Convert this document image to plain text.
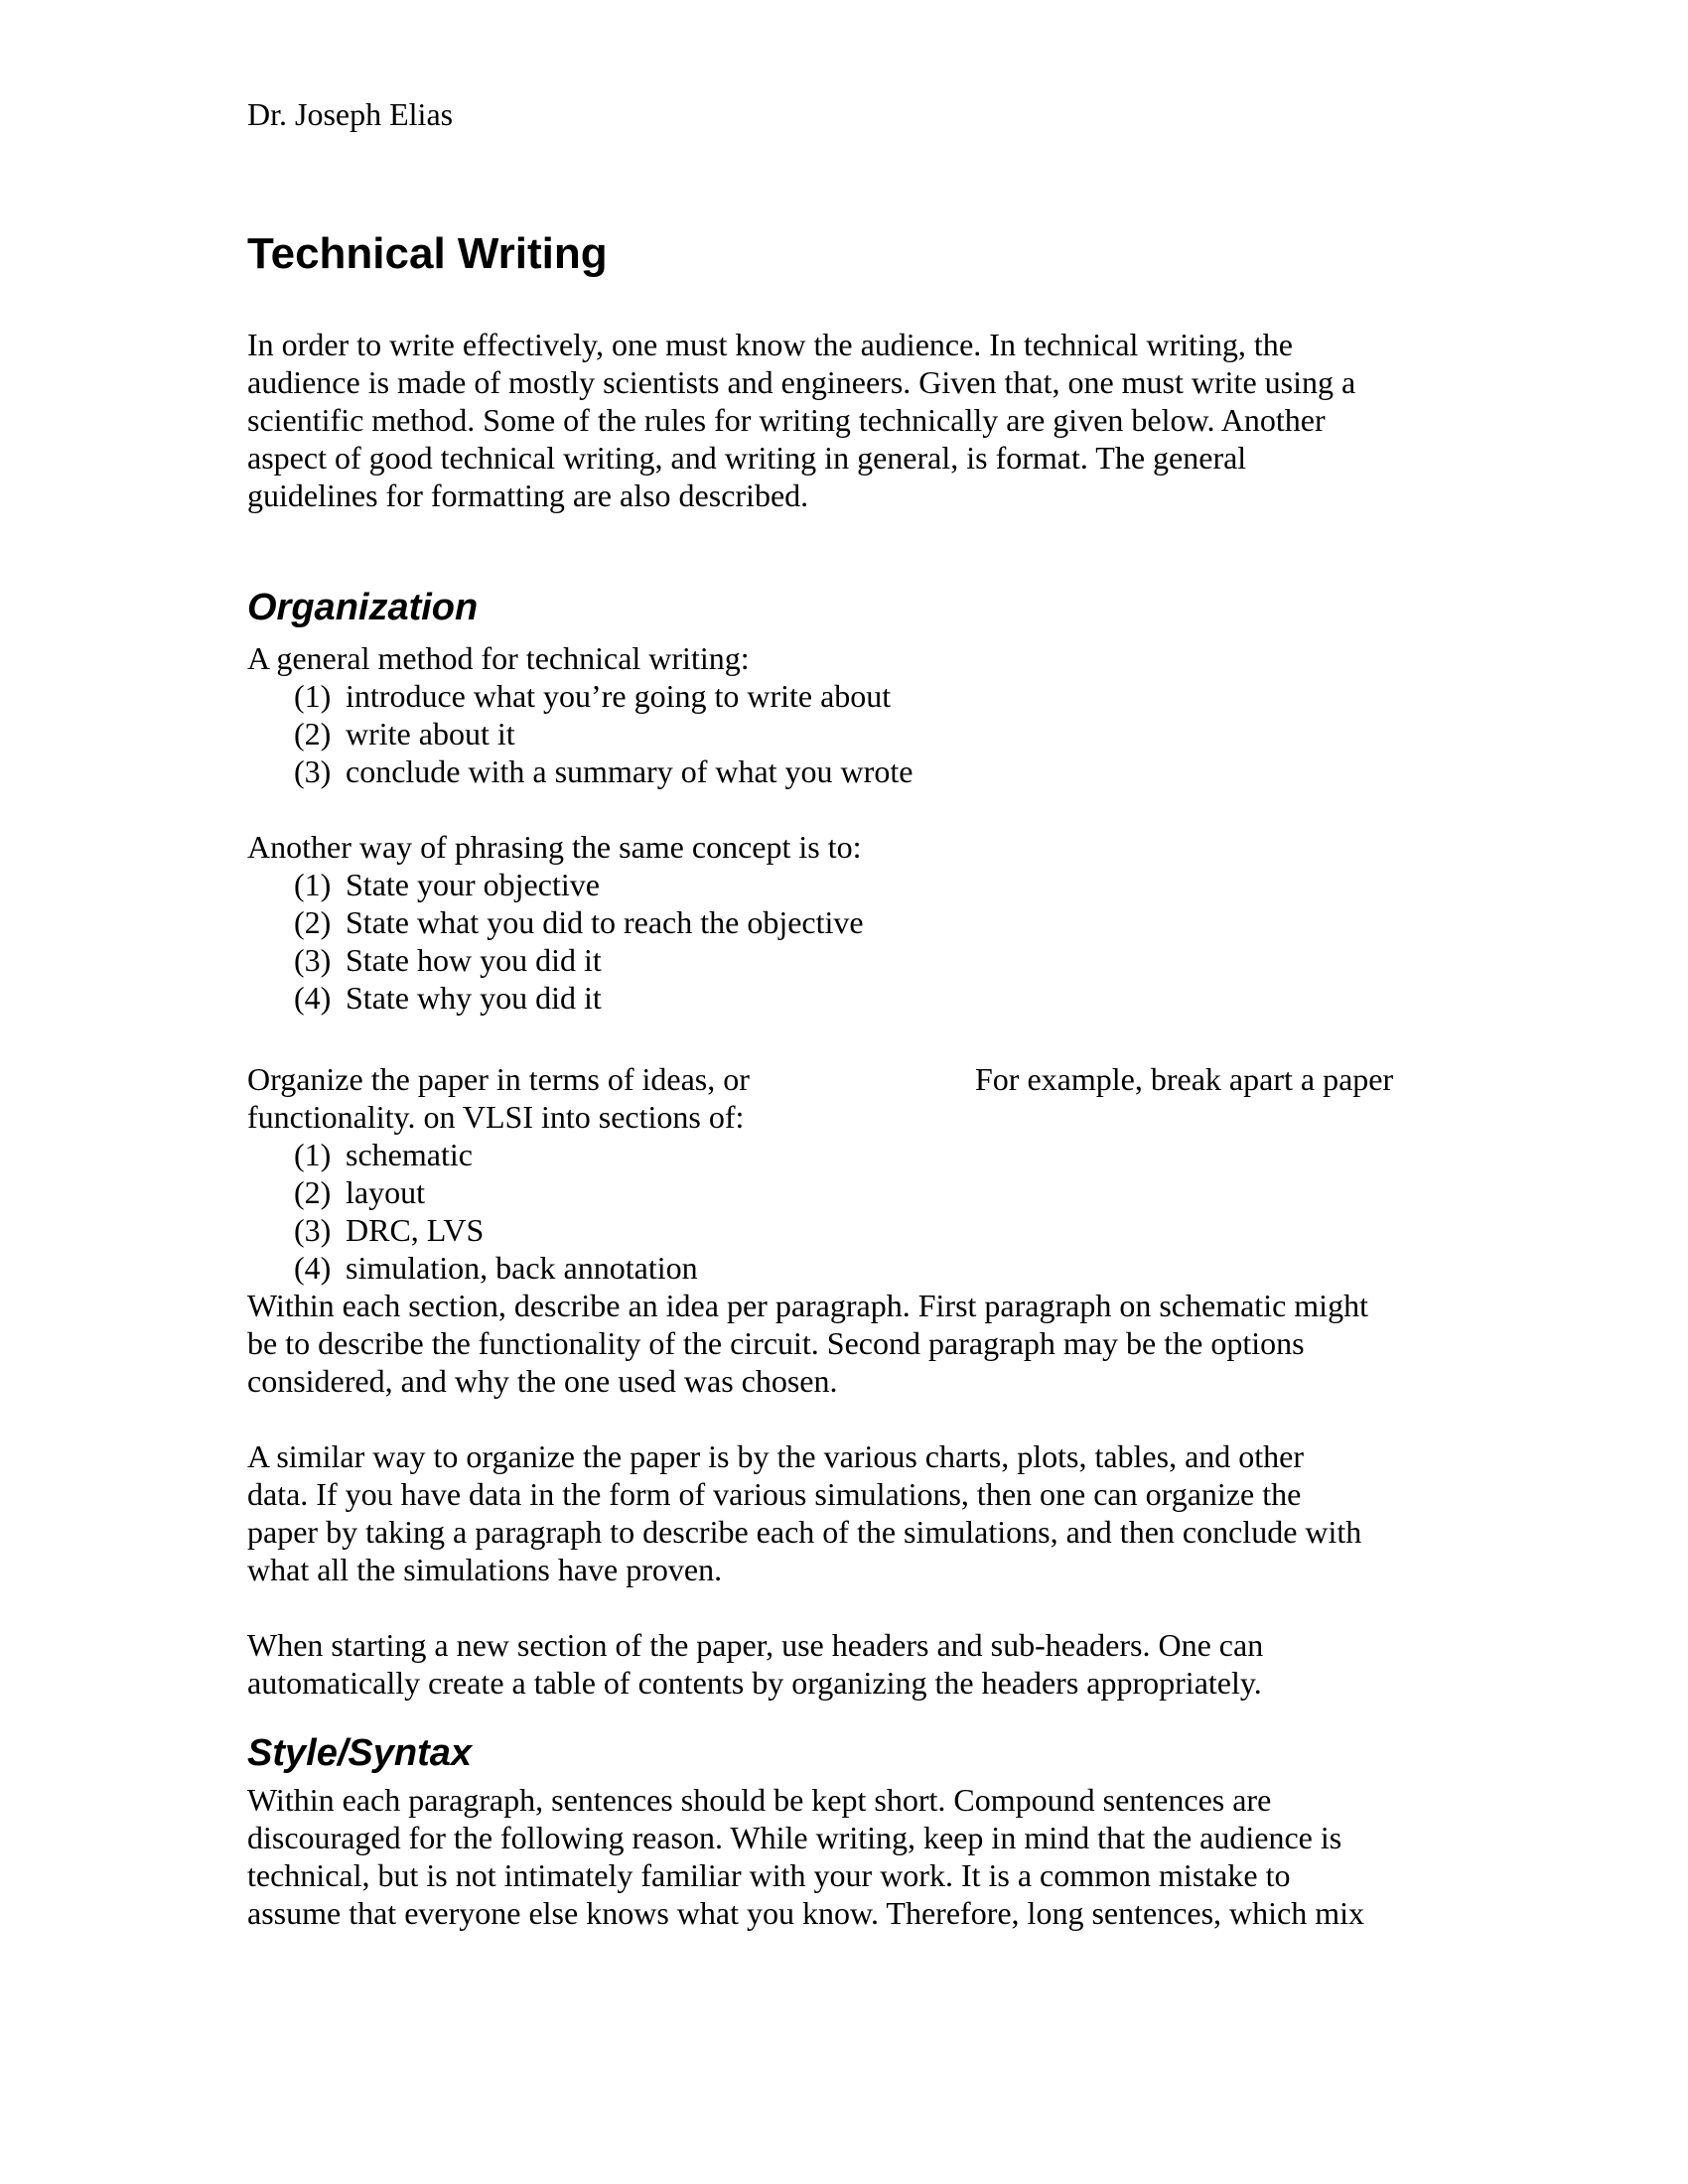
Dr. Joseph Elias
Technical Writing

In order to write effectively, one must know the audience. In technical writing, the
audience is made of mostly scientists and engineers. Given that, one must write using a
scientific method. Some of the rules for writing technically are given below. Another
aspect of good technical writing, and writing in general, is format. The general
guidelines for formatting are also described.

Organization
A general method for technical writing:
(1) introduce what you’re going to write about
(2) write about it
(3) conclude with a summary of what you wrote
Another way of phrasing the same concept is to:
(1) State your objective
(2) State what you did to reach the objective
(3) State how you did it
(4) State why you did it
Organize the paper in terms of ideas, or	For example, break apart a paper
functionality. on VLSI into sections of:
(1) schematic
(2) layout
(3) DRC, LVS
(4) simulation, back annotation

Within each section, describe an idea per paragraph. First paragraph on schematic might
be to describe the functionality of the circuit. Second paragraph may be the options
considered, and why the one used was chosen.

A similar way to organize the paper is by the various charts, plots, tables, and other
data. If you have data in the form of various simulations, then one can organize the
paper by taking a paragraph to describe each of the simulations, and then conclude with
what all the simulations have proven.

When starting a new section of the paper, use headers and sub-headers. One can
automatically create a table of contents by organizing the headers appropriately.

Style/Syntax

Within each paragraph, sentences should be kept short. Compound sentences are
discouraged for the following reason. While writing, keep in mind that the audience is
technical, but is not intimately familiar with your work. It is a common mistake to
assume that everyone else knows what you know. Therefore, long sentences, which mix
